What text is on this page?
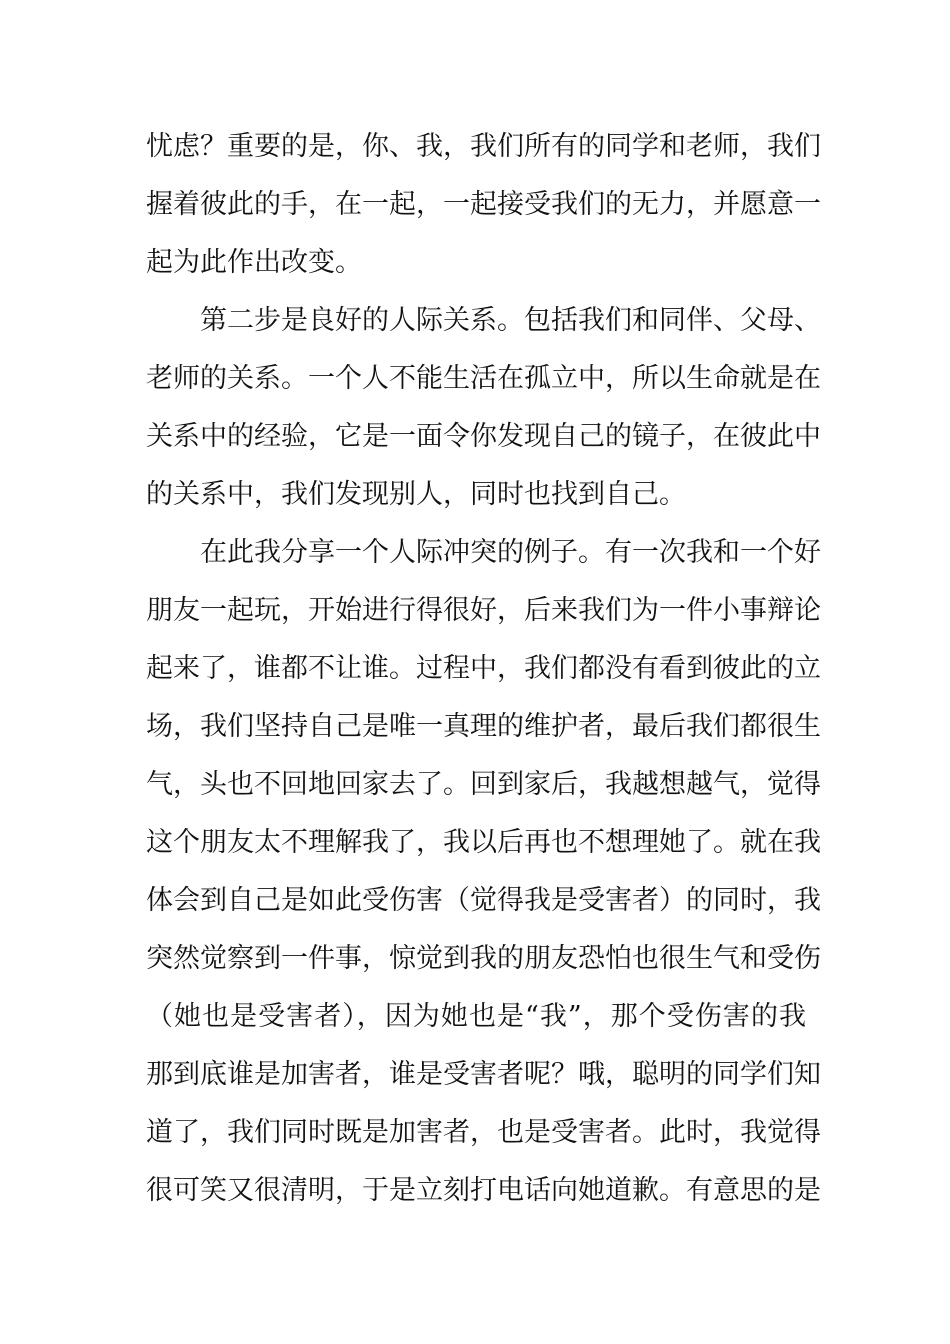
忧虑？重要的是，你、我，我们所有的同学和老师，我们
握着彼此的手，在一起，一起接受我们的无力，并愿意一
起为此作出改变。
第二步是良好的人际关系。包括我们和同伴、父母、
老师的关系。一个人不能生活在孤立中，所以生命就是在
关系中的经验，它是一面令你发现自己的镜子，在彼此中
的关系中，我们发现别人，同时也找到自己。
在此我分享一个人际冲突的例子。有一次我和一个好
朋友一起玩，开始进行得很好，后来我们为一件小事辩论
起来了，谁都不让谁。过程中，我们都没有看到彼此的立
场，我们坚持自己是唯一真理的维护者，最后我们都很生
气，头也不回地回家去了。回到家后，我越想越气，觉得
这个朋友太不理解我了，我以后再也不想理她了。就在我
体会到自己是如此受伤害（觉得我是受害者）的同时，我
突然觉察到一件事，惊觉到我的朋友恐怕也很生气和受伤
（她也是受害者），因为她也是“我”，那个受伤害的我
那到底谁是加害者，谁是受害者呢？哦，聪明的同学们知
道了，我们同时既是加害者，也是受害者。此时，我觉得
很可笑又很清明，于是立刻打电话向她道歉。有意思的是
